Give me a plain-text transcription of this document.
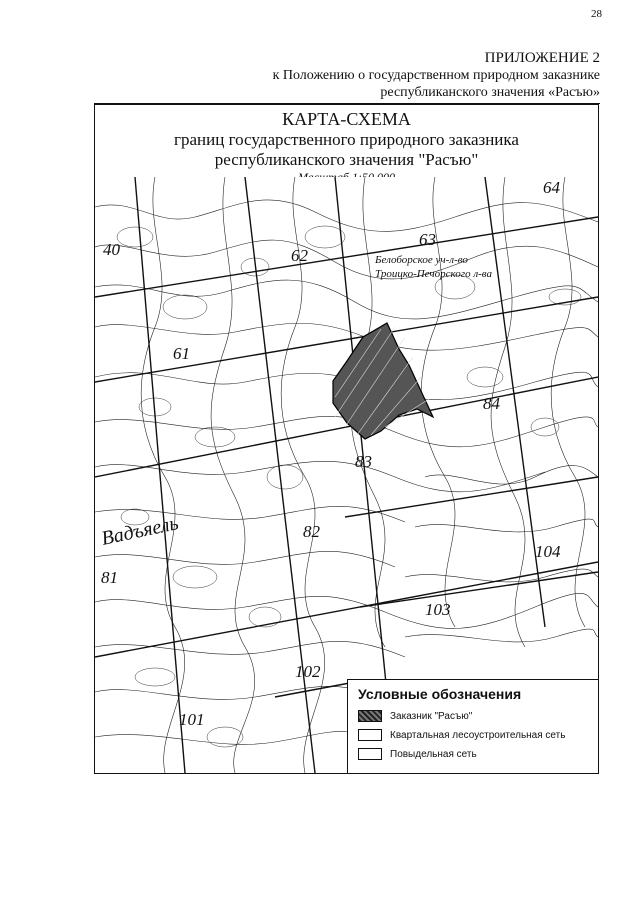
28
ПРИЛОЖЕНИЕ 2
к Положению о государственном природном заказнике
республиканского значения «Расъю»
КАРТА-СХЕМА
границ государственного природного заказника
республиканского значения "Расъю"
64
63
62
40
61
84
83
82
104
81
103
102
101
Белоборское уч-л-во
Троицко-Печорского л-ва
Вадъяель
Условные обозначения
Заказник "Расъю"
Квартальная лесоустроительная сеть
Повыдельная сеть
